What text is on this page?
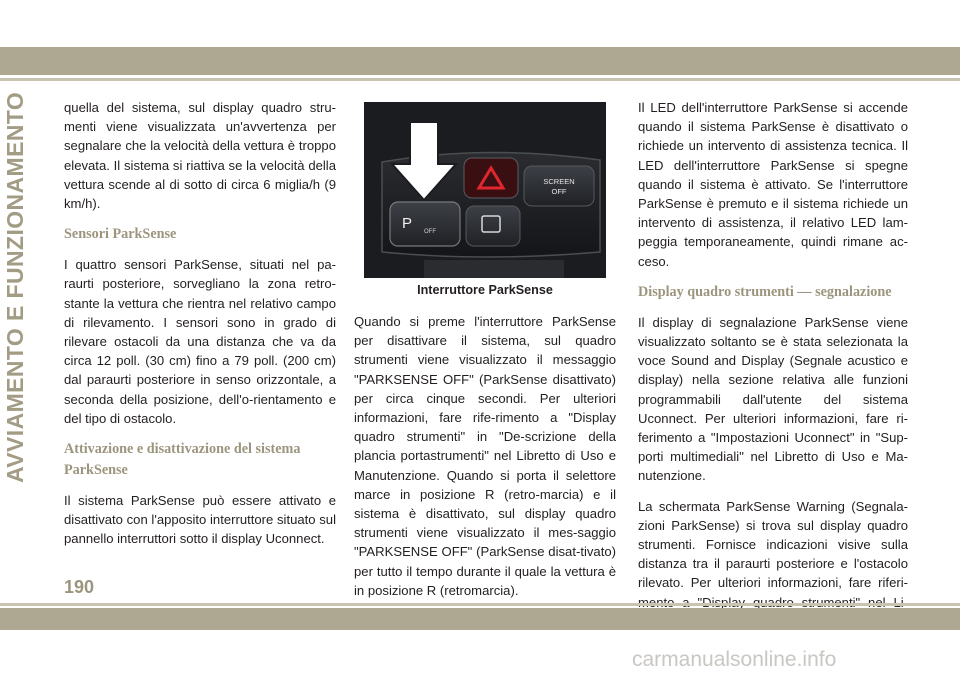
AVVIAMENTO E FUNZIONAMENTO	quella del sistema, sul display quadro stru-menti viene visualizzata un'avvertenza per segnalare che la velocità della vettura è troppo elevata. Il sistema si riattiva se la velocità della vettura scende al di sotto di circa 6 miglia/h (9 km/h).

Sensori ParkSense

I quattro sensori ParkSense, situati nel pa-raurti posteriore, sorvegliano la zona retro-stante la vettura che rientra nel relativo campo di rilevamento. I sensori sono in grado di rilevare ostacoli da una distanza che va da circa 12 poll. (30 cm) fino a 79 poll. (200 cm) dal paraurti posteriore in senso orizzontale, a seconda della posizione, dell'o-rientamento e del tipo di ostacolo.

Attivazione e disattivazione del sistema ParkSense

Il sistema ParkSense può essere attivato e disattivato con l'apposito interruttore situato sul pannello interruttori sotto il display Uconnect.

SCREEN
OFF
P OFF
Interruttore ParkSense

Quando si preme l'interruttore ParkSense per disattivare il sistema, sul quadro strumenti viene visualizzato il messaggio "PARKSENSE OFF" (ParkSense disattivato) per circa cinque secondi. Per ulteriori informazioni, fare rife-rimento a "Display quadro strumenti" in "De-scrizione della plancia portastrumenti" nel Libretto di Uso e Manutenzione. Quando si porta il selettore marce in posizione R (retro-marcia) e il sistema è disattivato, sul display quadro strumenti viene visualizzato il mes-saggio "PARKSENSE OFF" (ParkSense disat-tivato) per tutto il tempo durante il quale la vettura è in posizione R (retromarcia).

Il LED dell'interruttore ParkSense si accende quando il sistema ParkSense è disattivato o richiede un intervento di assistenza tecnica. Il LED dell'interruttore ParkSense si spegne quando il sistema è attivato. Se l'interruttore ParkSense è premuto e il sistema richiede un intervento di assistenza, il relativo LED lam-peggia temporaneamente, quindi rimane ac-ceso.

Display quadro strumenti — segnalazione

Il display di segnalazione ParkSense viene visualizzato soltanto se è stata selezionata la voce Sound and Display (Segnale acustico e display) nella sezione relativa alle funzioni programmabili dall'utente del sistema Uconnect. Per ulteriori informazioni, fare ri-ferimento a "Impostazioni Uconnect" in "Sup-porti multimediali" nel Libretto di Uso e Ma-nutenzione.

La schermata ParkSense Warning (Segnala-zioni ParkSense) si trova sul display quadro strumenti. Fornisce indicazioni visive sulla distanza tra il paraurti posteriore e l'ostacolo rilevato. Per ulteriori informazioni, fare riferi-

190
carmanualsonline.info
